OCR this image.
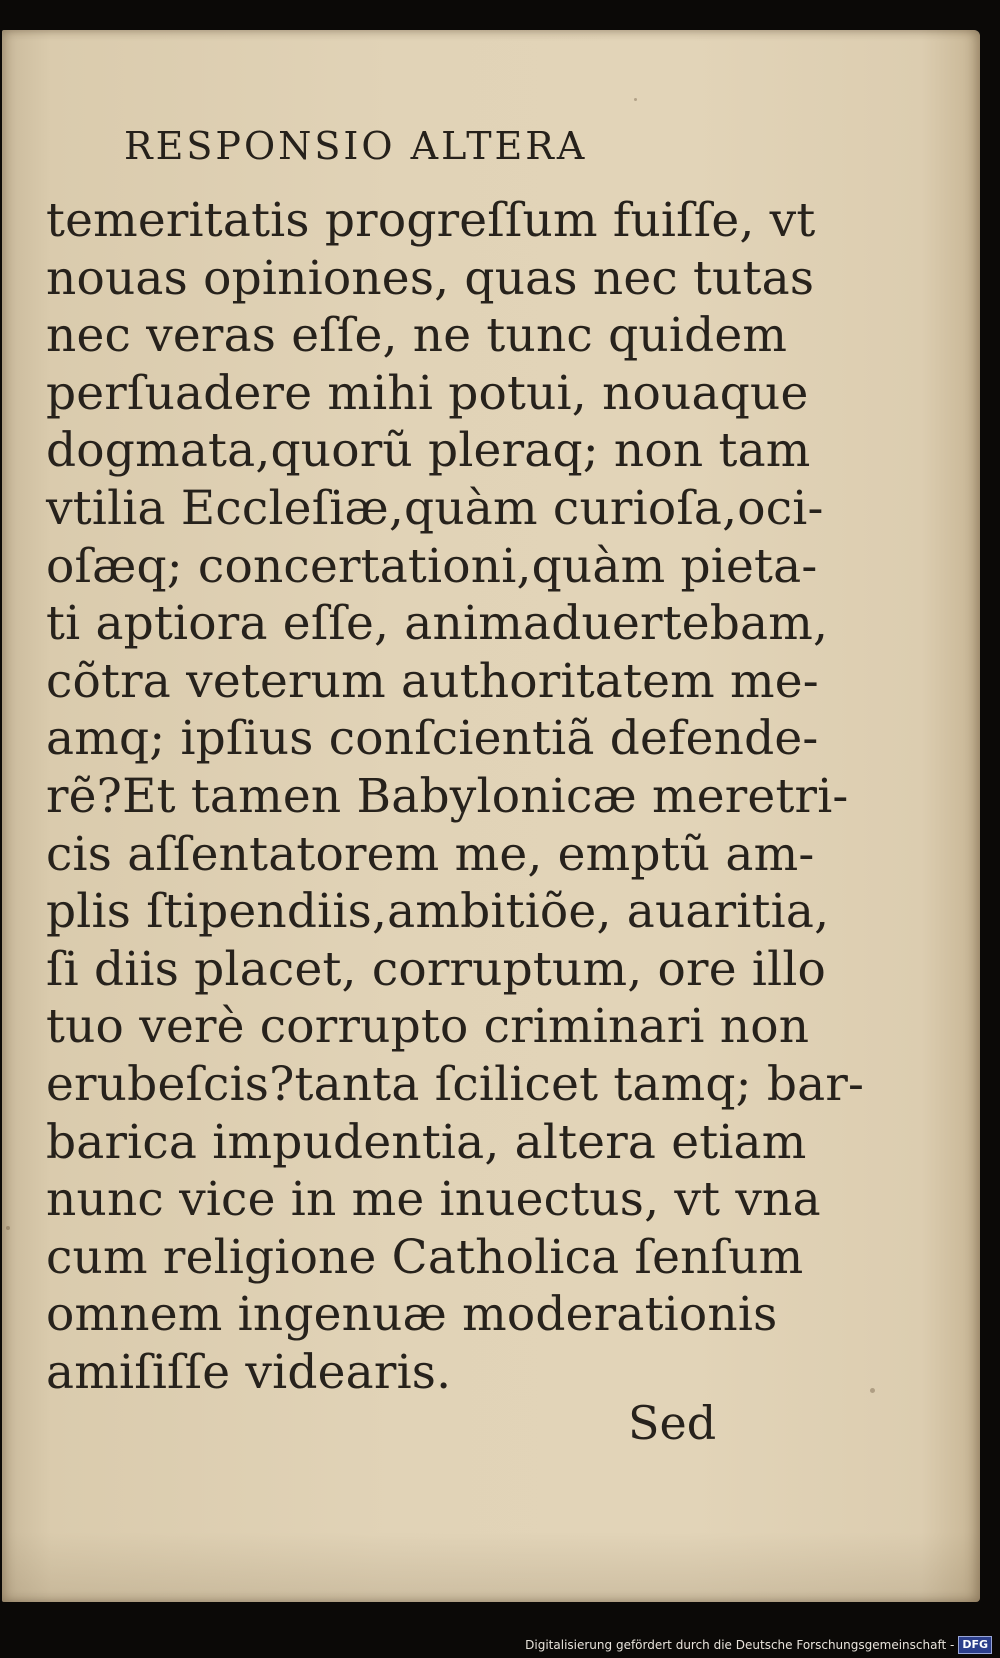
RESPONSIO ALTERA
temeritatis progreſſum fuiſſe, vt
nouas opiniones, quas nec tutas
nec veras eſſe, ne tunc quidem
perſuadere mihi potui, nouaque
dogmata,quorũ pleraq; non tam
vtilia Eccleſiæ,quàm curioſa,oci-
oſæq; concertationi,quàm pieta-
ti aptiora eſſe, animaduertebam,
cõtra veterum authoritatem me-
amq; ipſius conſcientiã defende-
rẽ?Et tamen Babylonicæ meretri-
cis aſſentatorem me, emptũ am-
plis ſtipendiis,ambitiõe, auaritia,
ſi diis placet, corruptum, ore illo
tuo verè corrupto criminari non
erubeſcis?tanta ſcilicet tamq; bar-
barica impudentia, altera etiam
nunc vice in me inuectus, vt vna
cum religione Catholica ſenſum
omnem ingenuæ moderationis
amiſiſſe videaris.
Sed
Digitalisierung gefördert durch die Deutsche Forschungsgemeinschaft - DFG
